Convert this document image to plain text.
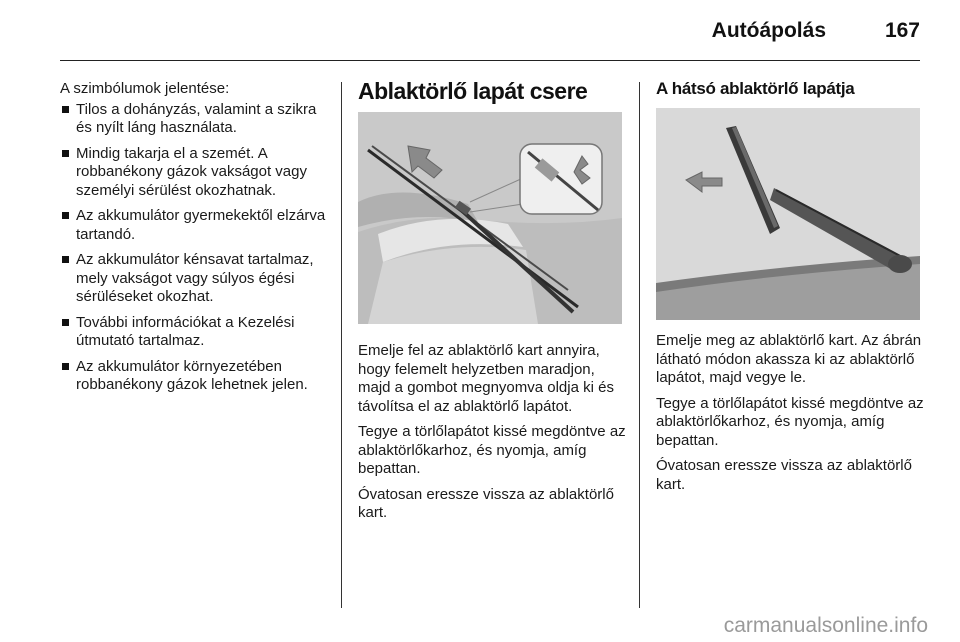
Autóápolás	167

A szimbólumok jelentése:

Tilos a dohányzás, valamint a szikra és nyílt láng használata.
Mindig takarja el a szemét. A robbanékony gázok vakságot vagy személyi sérülést okozhatnak.
Az akkumulátor gyermekektől elzárva tartandó.
Az akkumulátor kénsavat tartalmaz, mely vakságot vagy súlyos égési sérüléseket okozhat.
További információkat a Kezelési útmutató tartalmaz.
Az akkumulátor környezetében robbanékony gázok lehetnek jelen.
Ablaktörlő lapát csere

Emelje fel az ablaktörlő kart annyira, hogy felemelt helyzetben maradjon, majd a gombot megnyomva oldja ki és távolítsa el az ablaktörlő lapátot.

Tegye a törlőlapátot kissé megdöntve az ablaktörlőkarhoz, és nyomja, amíg bepattan.

Óvatosan eressze vissza az ablaktörlő kart.

A hátsó ablaktörlő lapátja

Emelje meg az ablaktörlő kart. Az ábrán látható módon akassza ki az ablaktörlő lapátot, majd vegye le.

Tegye a törlőlapátot kissé megdöntve az ablaktörlőkarhoz, és nyomja, amíg bepattan.

Óvatosan eressze vissza az ablaktörlő kart.

carmanualsonline.info
